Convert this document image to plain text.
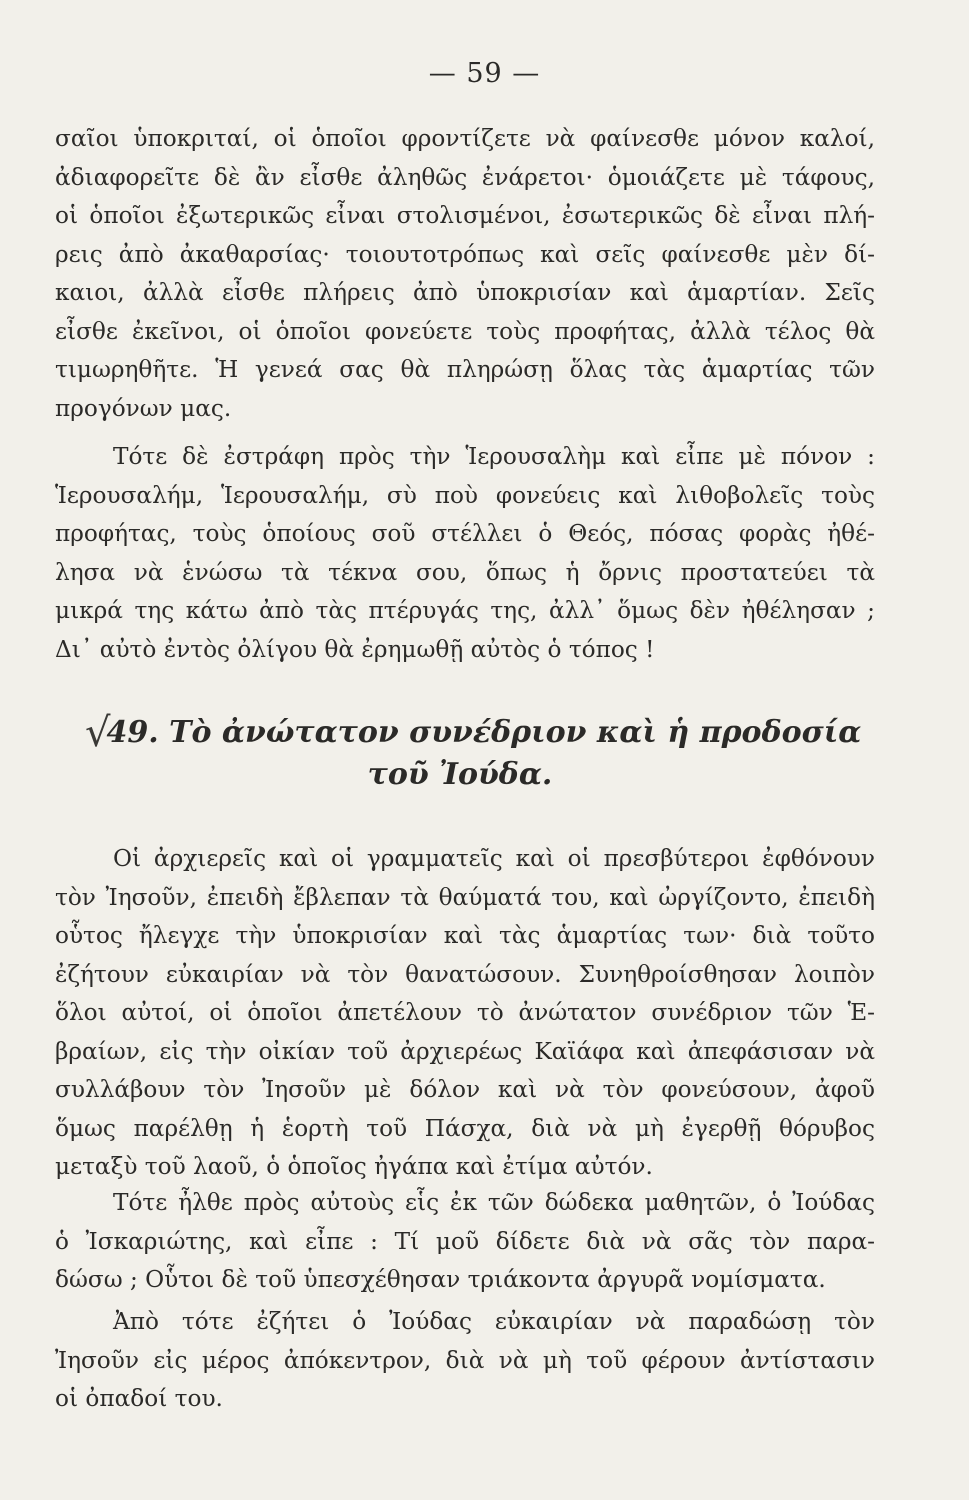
— 59 —
σαῖοι ὑποκριταί, οἱ ὁποῖοι φροντίζετε νὰ φαίνεσθε μόνον καλοί,
ἀδιαφορεῖτε δὲ ἂν εἶσθε ἀληθῶς ἐνάρετοι· ὁμοιάζετε μὲ τάφους,
οἱ ὁποῖοι ἐξωτερικῶς εἶναι στολισμένοι, ἐσωτερικῶς δὲ εἶναι πλή-
ρεις ἀπὸ ἀκαθαρσίας· τοιουτοτρόπως καὶ σεῖς φαίνεσθε μὲν δί-
καιοι, ἀλλὰ εἶσθε πλήρεις ἀπὸ ὑποκρισίαν καὶ ἁμαρτίαν. Σεῖς
εἶσθε ἐκεῖνοι, οἱ ὁποῖοι φονεύετε τοὺς προφήτας, ἀλλὰ τέλος θὰ
τιμωρηθῆτε. Ἡ γενεά σας θὰ πληρώσῃ ὅλας τὰς ἁμαρτίας τῶν
προγόνων μας.
Τότε δὲ ἐστράφη πρὸς τὴν Ἱερουσαλὴμ καὶ εἶπε μὲ πόνον :
Ἱερουσαλήμ, Ἱερουσαλήμ, σὺ ποὺ φονεύεις καὶ λιθοβολεῖς τοὺς
προφήτας, τοὺς ὁποίους σοῦ στέλλει ὁ Θεός, πόσας φορὰς ἠθέ-
λησα νὰ ἑνώσω τὰ τέκνα σου, ὅπως ἡ ὄρνις προστατεύει τὰ
μικρά της κάτω ἀπὸ τὰς πτέρυγάς της, ἀλλ᾿ ὅμως δὲν ἠθέλησαν ;
Δι᾿ αὐτὸ ἐντὸς ὀλίγου θὰ ἐρημωθῇ αὐτὸς ὁ τόπος !
√49. Τὸ ἀνώτατον συνέδριον καὶ ἡ προδοσία
τοῦ Ἰούδα.
Οἱ ἀρχιερεῖς καὶ οἱ γραμματεῖς καὶ οἱ πρεσβύτεροι ἐφθόνουν
τὸν Ἰησοῦν, ἐπειδὴ ἔβλεπαν τὰ θαύματά του, καὶ ὠργίζοντο, ἐπειδὴ
οὗτος ἤλεγχε τὴν ὑποκρισίαν καὶ τὰς ἁμαρτίας των· διὰ τοῦτο
ἐζήτουν εὐκαιρίαν νὰ τὸν θανατώσουν. Συνηθροίσθησαν λοιπὸν
ὅλοι αὐτοί, οἱ ὁποῖοι ἀπετέλουν τὸ ἀνώτατον συνέδριον τῶν Ἑ-
βραίων, εἰς τὴν οἰκίαν τοῦ ἀρχιερέως Καϊάφα καὶ ἀπεφάσισαν νὰ
συλλάβουν τὸν Ἰησοῦν μὲ δόλον καὶ νὰ τὸν φονεύσουν, ἀφοῦ
ὅμως παρέλθῃ ἡ ἑορτὴ τοῦ Πάσχα, διὰ νὰ μὴ ἐγερθῇ θόρυβος
μεταξὺ τοῦ λαοῦ, ὁ ὁποῖος ἠγάπα καὶ ἐτίμα αὐτόν.
Τότε ἦλθε πρὸς αὐτοὺς εἷς ἐκ τῶν δώδεκα μαθητῶν, ὁ Ἰούδας
ὁ Ἰσκαριώτης, καὶ εἶπε : Τί μοῦ δίδετε διὰ νὰ σᾶς τὸν παρα-
δώσω ; Οὗτοι δὲ τοῦ ὑπεσχέθησαν τριάκοντα ἀργυρᾶ νομίσματα.
Ἀπὸ τότε ἐζήτει ὁ Ἰούδας εὐκαιρίαν νὰ παραδώσῃ τὸν
Ἰησοῦν εἰς μέρος ἀπόκεντρον, διὰ νὰ μὴ τοῦ φέρουν ἀντίστασιν
οἱ ὀπαδοί του.
